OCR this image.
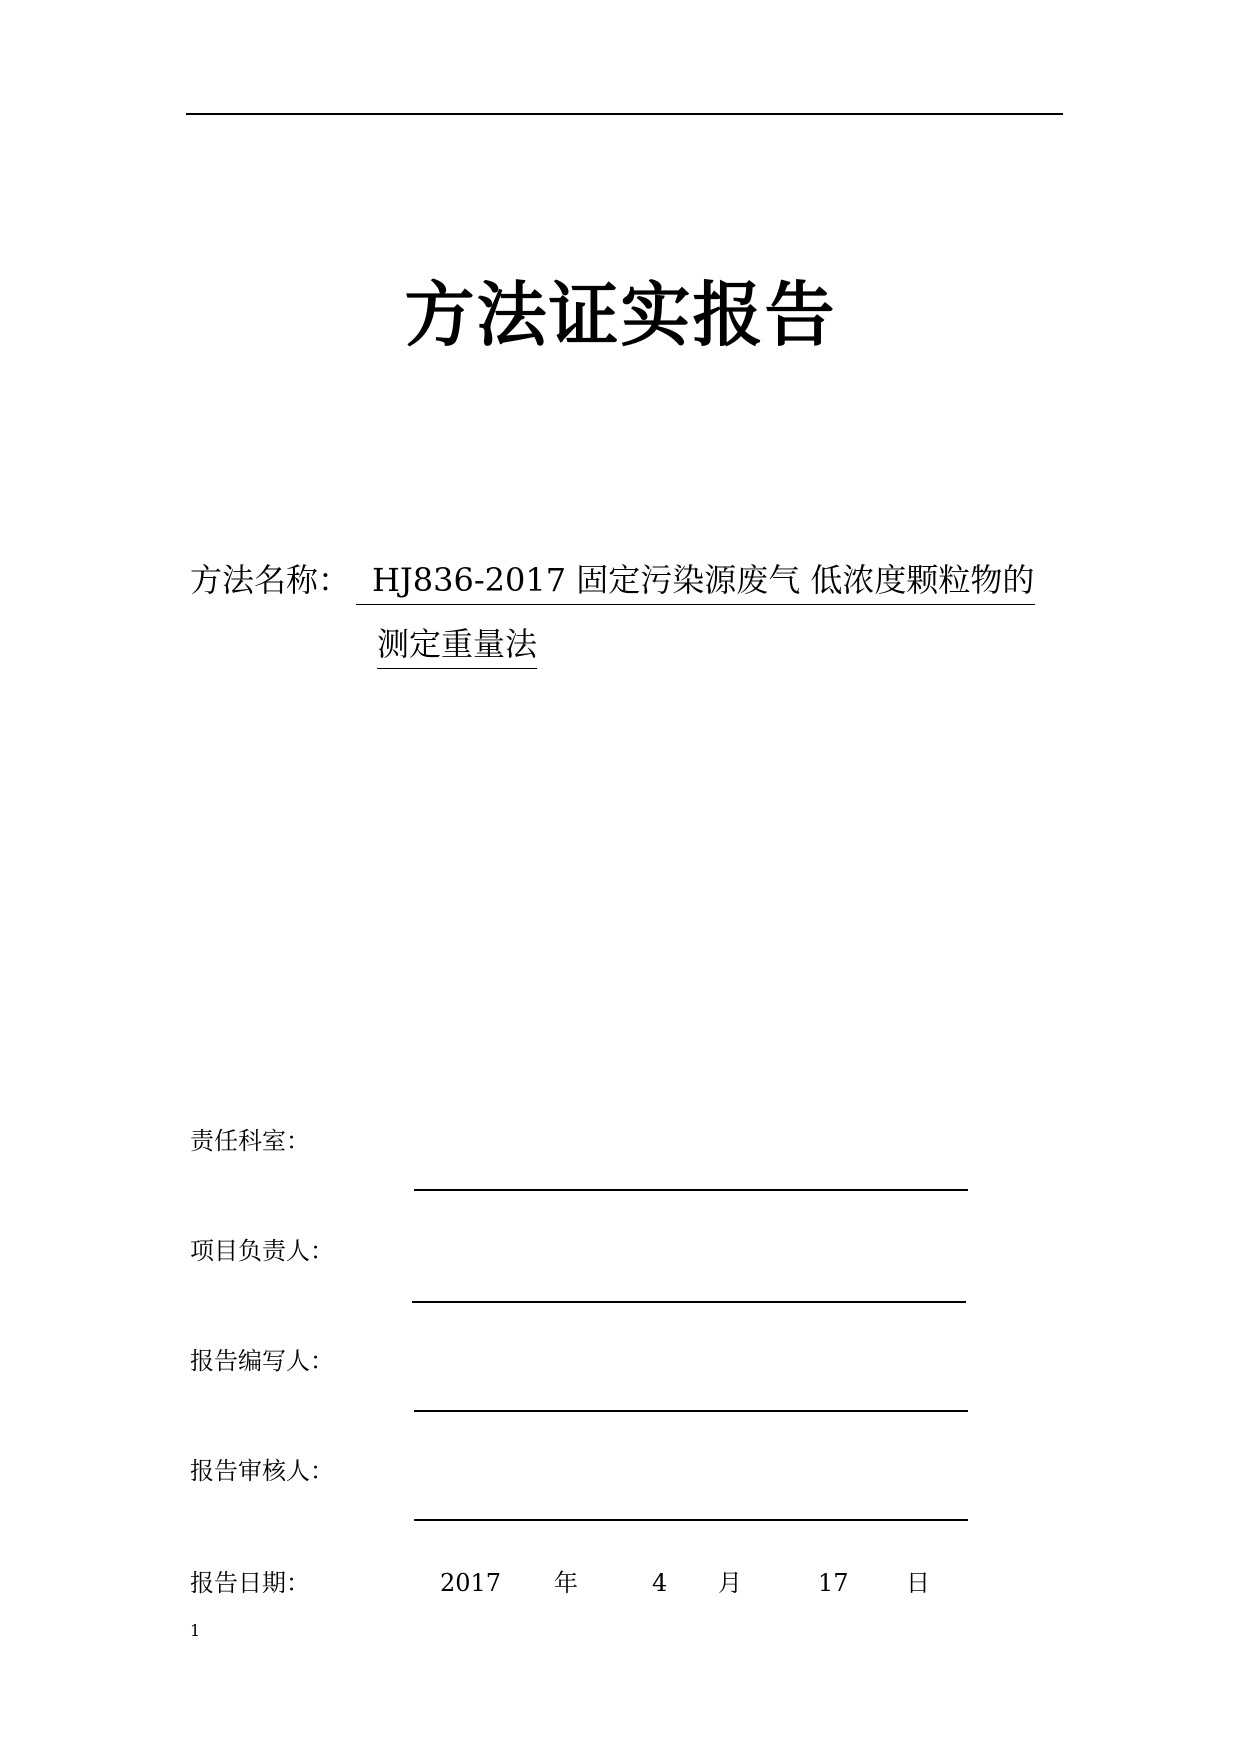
方法证实报告
方法名称： HJ836-2017 固定污染源废气 低浓度颗粒物的
测定重量法
责任科室：
项目负责人：
报告编写人：
报告审核人：
报告日期：	2017 年	4 月	17 日
1
